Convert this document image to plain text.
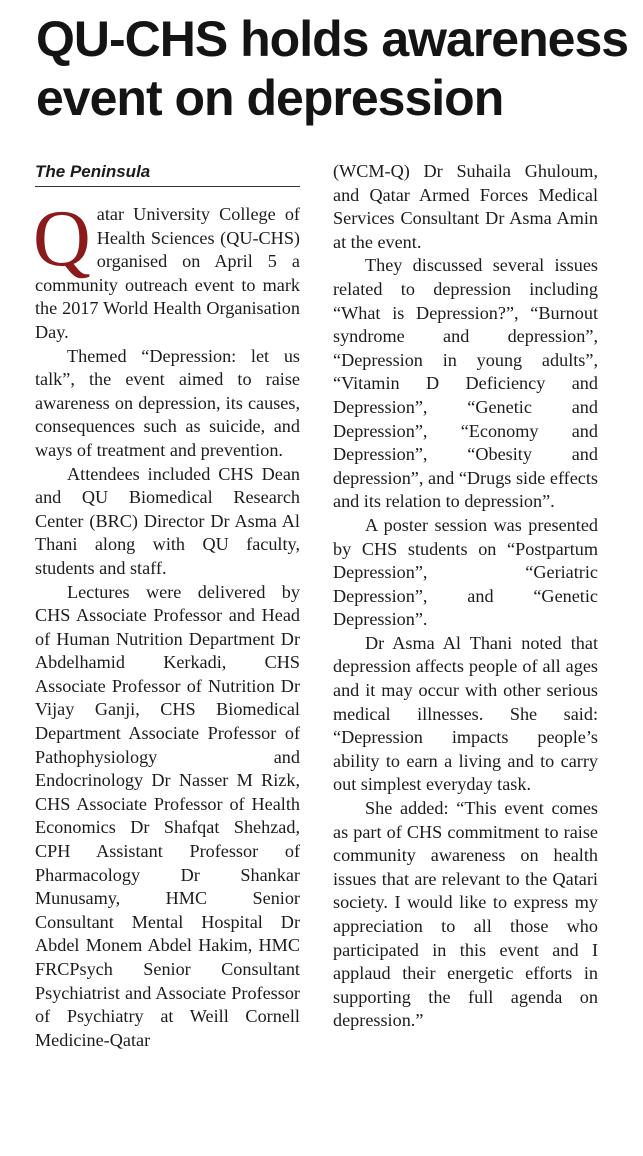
QU-CHS holds awareness event on depression
The Peninsula

Qatar University College of Health Sciences (QU-CHS) organised on April 5 a community outreach event to mark the 2017 World Health Organisation Day.

Themed “Depression: let us talk”, the event aimed to raise awareness on depression, its causes, consequences such as suicide, and ways of treatment and prevention.

Attendees included CHS Dean and QU Biomedical Research Center (BRC) Director Dr Asma Al Thani along with QU faculty, students and staff.

Lectures were delivered by CHS Associate Professor and Head of Human Nutrition Department Dr Abdelhamid Kerkadi, CHS Associate Professor of Nutrition Dr Vijay Ganji, CHS Biomedical Department Associate Professor of Pathophysiology and Endocrinology Dr Nasser M Rizk, CHS Associate Professor of Health Economics Dr Shafqat Shehzad, CPH Assistant Professor of Pharmacology Dr Shankar Munusamy, HMC Senior Consultant Mental Hospital Dr Abdel Monem Abdel Hakim, HMC FRCPsych Senior Consultant Psychiatrist and Associate Professor of Psychiatry at Weill Cornell Medicine-Qatar

(WCM-Q) Dr Suhaila Ghuloum, and Qatar Armed Forces Medical Services Consultant Dr Asma Amin at the event.

They discussed several issues related to depression including “What is Depression?”, “Burnout syndrome and depression”, “Depression in young adults”, “Vitamin D Deficiency and Depression”, “Genetic and Depression”, “Economy and Depression”, “Obesity and depression”, and “Drugs side effects and its relation to depression”.

A poster session was presented by CHS students on “Postpartum Depression”, “Geriatric Depression”, and “Genetic Depression”.

Dr Asma Al Thani noted that depression affects people of all ages and it may occur with other serious medical illnesses. She said: “Depression impacts people’s ability to earn a living and to carry out simplest everyday task.

She added: “This event comes as part of CHS commitment to raise community awareness on health issues that are relevant to the Qatari society. I would like to express my appreciation to all those who participated in this event and I applaud their energetic efforts in supporting the full agenda on depression.”
